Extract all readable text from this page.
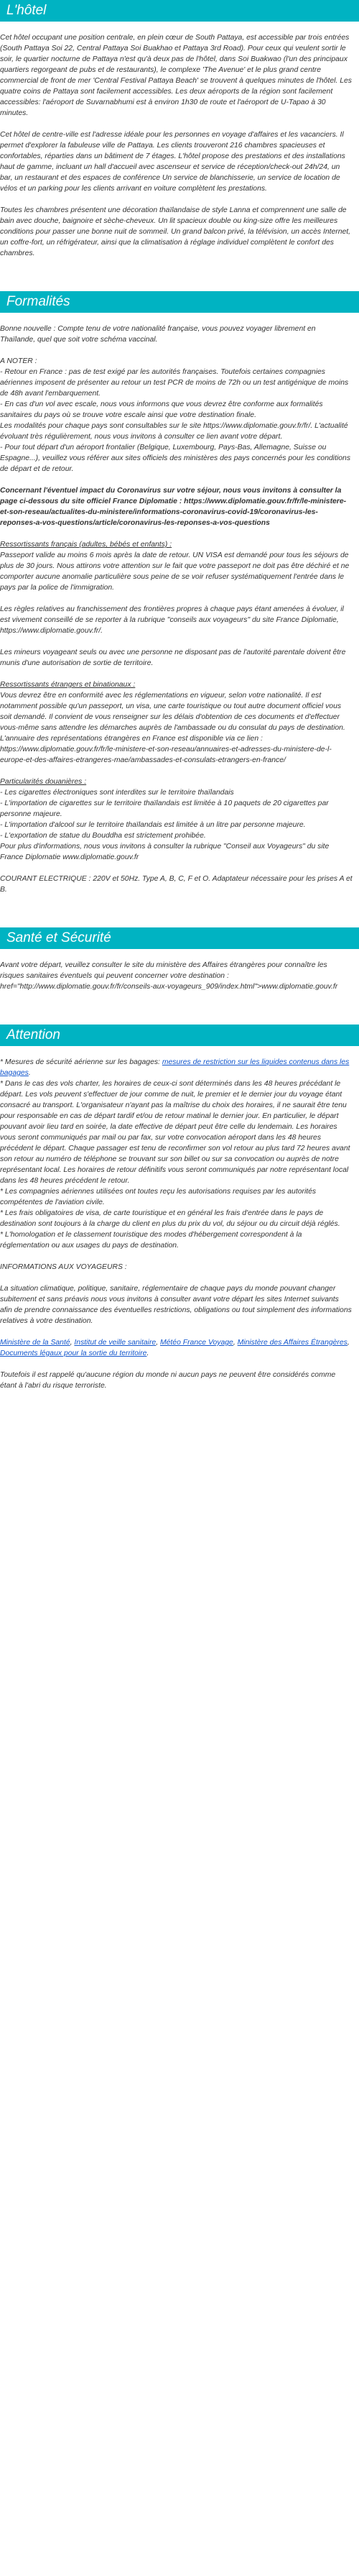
L'hôtel

Cet hôtel occupant une position centrale, en plein cœur de South Pattaya, est accessible par trois entrées (South Pattaya Soi 22, Central Pattaya Soi Buakhao et Pattaya 3rd Road). Pour ceux qui veulent sortir le soir, le quartier nocturne de Pattaya n'est qu'à deux pas de l'hôtel, dans Soi Buakwao (l'un des principaux quartiers regorgeant de pubs et de restaurants), le complexe 'The Avenue' et le plus grand centre commercial de front de mer 'Central Festival Pattaya Beach' se trouvent à quelques minutes de l'hôtel. Les quatre coins de Pattaya sont facilement accessibles. Les deux aéroports de la région sont facilement accessibles: l'aéroport de Suvarnabhumi est à environ 1h30 de route et l'aéroport de U-Tapao à 30 minutes.

Cet hôtel de centre-ville est l'adresse idéale pour les personnes en voyage d'affaires et les vacanciers. Il permet d'explorer la fabuleuse ville de Pattaya. Les clients trouveront 216 chambres spacieuses et confortables, réparties dans un bâtiment de 7 étages. L'hôtel propose des prestations et des installations haut de gamme, incluant un hall d'accueil avec ascenseur et service de réception/check-out 24h/24, un bar, un restaurant et des espaces de conférence Un service de blanchisserie, un service de location de vélos et un parking pour les clients arrivant en voiture complètent les prestations.

Toutes les chambres présentent une décoration thaïlandaise de style Lanna et comprennent une salle de bain avec douche, baignoire et sèche-cheveux. Un lit spacieux double ou king-size offre les meilleures conditions pour passer une bonne nuit de sommeil. Un grand balcon privé, la télévision, un accès Internet, un coffre-fort, un réfrigérateur, ainsi que la climatisation à réglage individuel complètent le confort des chambres.

Formalités

Bonne nouvelle : Compte tenu de votre nationalité française, vous pouvez voyager librement en Thaïlande, quel que soit votre schéma vaccinal.

A NOTER :

- Retour en France : pas de test exigé par les autorités françaises. Toutefois certaines compagnies aériennes imposent de présenter au retour un test PCR de moins de 72h ou un test antigénique de moins de 48h avant l'embarquement.

- En cas d'un vol avec escale, nous vous informons que vous devrez être conforme aux formalités sanitaires du pays où se trouve votre escale ainsi que votre destination finale.

Les modalités pour chaque pays sont consultables sur le site https://www.diplomatie.gouv.fr/fr/. L'actualité évoluant très régulièrement, nous vous invitons à consulter ce lien avant votre départ.

- Pour tout départ d'un aéroport frontalier (Belgique, Luxembourg, Pays-Bas, Allemagne, Suisse ou Espagne...), veuillez vous référer aux sites officiels des ministères des pays concernés pour les conditions de départ et de retour.

Concernant l'éventuel impact du Coronavirus sur votre séjour, nous vous invitons à consulter la page ci-dessous du site officiel France Diplomatie : https://www.diplomatie.gouv.fr/fr/le-ministere-et-son-reseau/actualites-du-ministere/informations-coronavirus-covid-19/coronavirus-les-reponses-a-vos-questions/article/coronavirus-les-reponses-a-vos-questions

Ressortissants français (adultes, bébés et enfants) :

Passeport valide au moins 6 mois après la date de retour. UN VISA est demandé pour tous les séjours de plus de 30 jours. Nous attirons votre attention sur le fait que votre passeport ne doit pas être déchiré et ne comporter aucune anomalie particulière sous peine de se voir refuser systématiquement l'entrée dans le pays par la police de l'immigration.

Les règles relatives au franchissement des frontières propres à chaque pays étant amenées à évoluer, il est vivement conseillé de se reporter à la rubrique "conseils aux voyageurs" du site France Diplomatie, https://www.diplomatie.gouv.fr/.

Les mineurs voyageant seuls ou avec une personne ne disposant pas de l'autorité parentale doivent être munis d'une autorisation de sortie de territoire.

Ressortissants étrangers et binationaux :

Vous devrez être en conformité avec les réglementations en vigueur, selon votre nationalité. Il est notamment possible qu'un passeport, un visa, une carte touristique ou tout autre document officiel vous soit demandé. Il convient de vous renseigner sur les délais d'obtention de ces documents et d'effectuer vous-même sans attendre les démarches auprès de l'ambassade ou du consulat du pays de destination.

L'annuaire des représentations étrangères en France est disponible via ce lien : https://www.diplomatie.gouv.fr/fr/le-ministere-et-son-reseau/annuaires-et-adresses-du-ministere-de-l-europe-et-des-affaires-etrangeres-mae/ambassades-et-consulats-etrangers-en-france/

Particularités douanières :

- Les cigarettes électroniques sont interdites sur le territoire thaïlandais

- L'importation de cigarettes sur le territoire thaïlandais est limitée à 10 paquets de 20 cigarettes par personne majeure.

- L'importation d'alcool sur le territoire thaïlandais est limitée à un litre par personne majeure.

- L'exportation de statue du Bouddha est strictement prohibée.

Pour plus d'informations, nous vous invitons à consulter la rubrique "Conseil aux Voyageurs" du site France Diplomatie www.diplomatie.gouv.fr

COURANT ELECTRIQUE : 220V et 50Hz. Type A, B, C, F et O. Adaptateur nécessaire pour les prises A et B.

Santé et Sécurité

Avant votre départ, veuillez consulter le site du ministère des Affaires étrangères pour connaître les risques sanitaires éventuels qui peuvent concerner votre destination : href="http://www.diplomatie.gouv.fr/fr/conseils-aux-voyageurs_909/index.html">www.diplomatie.gouv.fr

Attention

* Mesures de sécurité aérienne sur les bagages: mesures de restriction sur les liquides contenus dans les bagages.

* Dans le cas des vols charter, les horaires de ceux-ci sont déterminés dans les 48 heures précédant le départ. Les vols peuvent s'effectuer de jour comme de nuit, le premier et le dernier jour du voyage étant consacré au transport. L'organisateur n'ayant pas la maîtrise du choix des horaires, il ne saurait être tenu pour responsable en cas de départ tardif et/ou de retour matinal le dernier jour. En particulier, le départ pouvant avoir lieu tard en soirée, la date effective de départ peut être celle du lendemain. Les horaires vous seront communiqués par mail ou par fax, sur votre convocation aéroport dans les 48 heures précédent le départ. Chaque passager est tenu de reconfirmer son vol retour au plus tard 72 heures avant son retour au numéro de téléphone se trouvant sur son billet ou sur sa convocation ou auprès de notre représentant local. Les horaires de retour définitifs vous seront communiqués par notre représentant local dans les 48 heures précédent le retour.

* Les compagnies aériennes utilisées ont toutes reçu les autorisations requises par les autorités compétentes de l'aviation civile.

* Les frais obligatoires de visa, de carte touristique et en général les frais d'entrée dans le pays de destination sont toujours à la charge du client en plus du prix du vol, du séjour ou du circuit déjà réglés.

* L'homologation et le classement touristique des modes d'hébergement correspondent à la réglementation ou aux usages du pays de destination.

INFORMATIONS AUX VOYAGEURS :

La situation climatique, politique, sanitaire, réglementaire de chaque pays du monde pouvant changer subitement et sans préavis nous vous invitons à consulter avant votre départ les sites Internet suivants afin de prendre connaissance des éventuelles restrictions, obligations ou tout simplement des informations relatives à votre destination.

Ministère de la Santé, Institut de veille sanitaire, Météo France Voyage, Ministère des Affaires Étrangères, Documents légaux pour la sortie du territoire.

Toutefois il est rappelé qu'aucune région du monde ni aucun pays ne peuvent être considérés comme étant à l'abri du risque terroriste.
